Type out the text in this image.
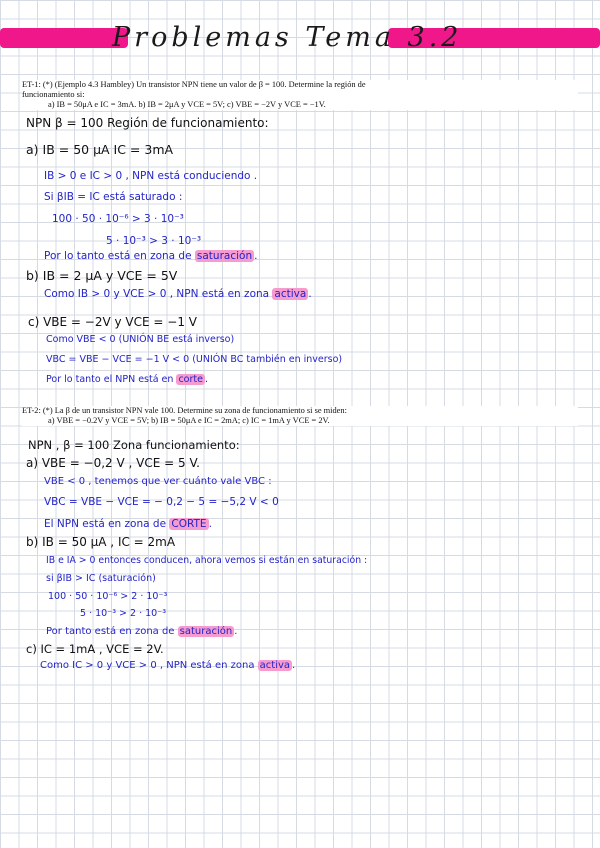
Problemas Tema 3.2
ET-1: (*) (Ejemplo 4.3 Hambley) Un transistor NPN tiene un valor de β = 100. Determine la región de
funcionamiento si:
a) IB = 50μA e IC = 3mA. b) IB = 2μA y VCE = 5V; c) VBE = −2V y VCE = −1V.
NPN β = 100 Región de funcionamiento:
a) IB = 50 μA IC = 3mA
IB > 0 e IC > 0 , NPN está conduciendo .
Si βIB = IC está saturado :
100 · 50 · 10⁻⁶ > 3 · 10⁻³
5 · 10⁻³ > 3 · 10⁻³
Por lo tanto está en zona de saturación .
b) IB = 2 μA y VCE = 5V
Como IB > 0 y VCE > 0 , NPN está en zona activa .
c) VBE = −2V y VCE = −1 V
Como VBE < 0 (UNIÓN BE está inverso)
VBC = VBE − VCE = −1 V < 0 (UNIÓN BC también en inverso)
Por lo tanto el NPN está en corte .
ET-2: (*) La β de un transistor NPN vale 100. Determine su zona de funcionamiento si se miden:
a) VBE = −0.2V y VCE = 5V; b) IB = 50μA e IC = 2mA; c) IC = 1mA y VCE = 2V.
NPN , β = 100 Zona funcionamiento:
a) VBE = −0,2 V , VCE = 5 V.
VBE < 0 , tenemos que ver cuánto vale VBC :
VBC = VBE − VCE = − 0,2 − 5 = −5,2 V < 0
El NPN está en zona de CORTE .
b) IB = 50 μA , IC = 2mA
IB e IA > 0 entonces conducen, ahora vemos si están en saturación :
si βIB > IC (saturación)
100 · 50 · 10⁻⁶ > 2 · 10⁻³
5 · 10⁻³ > 2 · 10⁻³
Por tanto está en zona de saturación .
c) IC = 1mA , VCE = 2V.
Como IC > 0 y VCE > 0 , NPN está en zona activa .
